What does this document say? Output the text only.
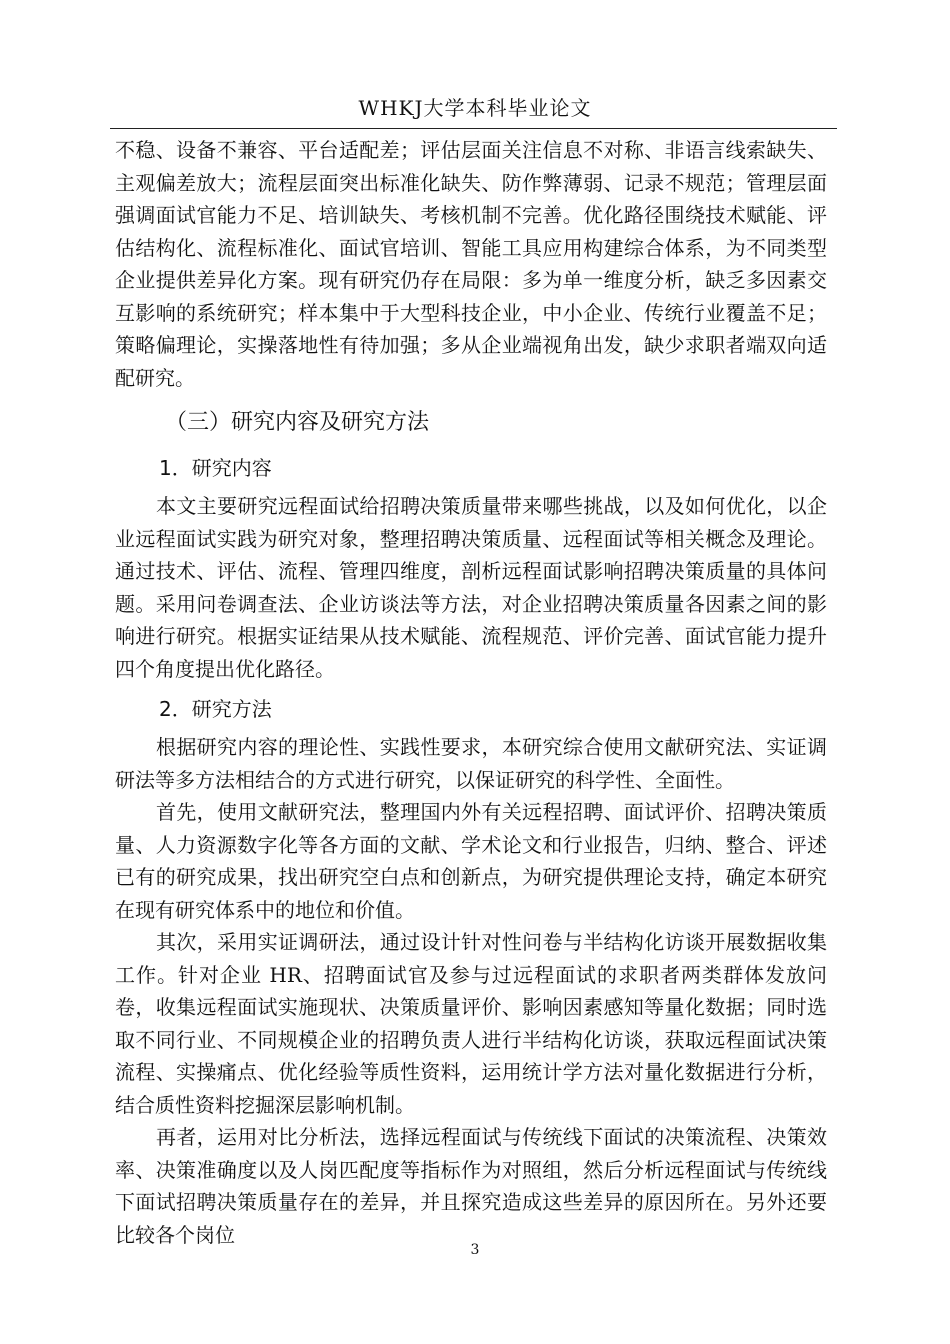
WHKJ大学本科毕业论文

不稳、设备不兼容、平台适配差；评估层面关注信息不对称、非语言线索缺失、主观偏差放大；流程层面突出标准化缺失、防作弊薄弱、记录不规范；管理层面强调面试官能力不足、培训缺失、考核机制不完善。优化路径围绕技术赋能、评估结构化、流程标准化、面试官培训、智能工具应用构建综合体系，为不同类型企业提供差异化方案。现有研究仍存在局限：多为单一维度分析，缺乏多因素交互影响的系统研究；样本集中于大型科技企业，中小企业、传统行业覆盖不足；策略偏理论，实操落地性有待加强；多从企业端视角出发，缺少求职者端双向适配研究。

（三）研究内容及研究方法
1．研究内容

本文主要研究远程面试给招聘决策质量带来哪些挑战，以及如何优化，以企业远程面试实践为研究对象，整理招聘决策质量、远程面试等相关概念及理论。通过技术、评估、流程、管理四维度，剖析远程面试影响招聘决策质量的具体问题。采用问卷调查法、企业访谈法等方法，对企业招聘决策质量各因素之间的影响进行研究。根据实证结果从技术赋能、流程规范、评价完善、面试官能力提升四个角度提出优化路径。

2．研究方法

根据研究内容的理论性、实践性要求，本研究综合使用文献研究法、实证调研法等多方法相结合的方式进行研究，以保证研究的科学性、全面性。

首先，使用文献研究法，整理国内外有关远程招聘、面试评价、招聘决策质量、人力资源数字化等各方面的文献、学术论文和行业报告，归纳、整合、评述已有的研究成果，找出研究空白点和创新点，为研究提供理论支持，确定本研究在现有研究体系中的地位和价值。

其次，采用实证调研法，通过设计针对性问卷与半结构化访谈开展数据收集工作。针对企业 HR、招聘面试官及参与过远程面试的求职者两类群体发放问卷，收集远程面试实施现状、决策质量评价、影响因素感知等量化数据；同时选取不同行业、不同规模企业的招聘负责人进行半结构化访谈，获取远程面试决策流程、实操痛点、优化经验等质性资料，运用统计学方法对量化数据进行分析，结合质性资料挖掘深层影响机制。

再者，运用对比分析法，选择远程面试与传统线下面试的决策流程、决策效率、决策准确度以及人岗匹配度等指标作为对照组，然后分析远程面试与传统线下面试招聘决策质量存在的差异，并且探究造成这些差异的原因所在。另外还要比较各个岗位

3
